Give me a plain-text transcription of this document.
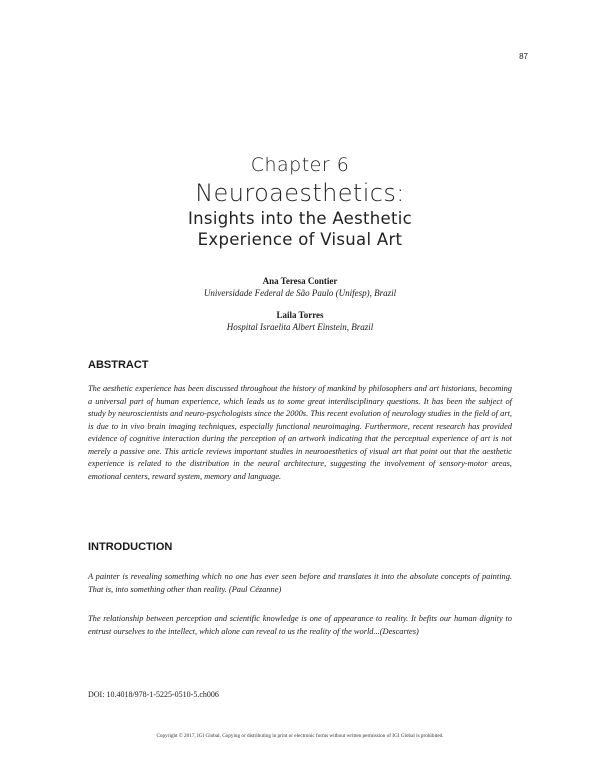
87
Chapter 6
Neuroaesthetics:
Insights into the Aesthetic
Experience of Visual Art
Ana Teresa Contier
Universidade Federal de São Paulo (Unifesp), Brazil
Laila Torres
Hospital Israelita Albert Einstein, Brazil
ABSTRACT

The aesthetic experience has been discussed throughout the history of mankind by philosophers and art historians, becoming a universal part of human experience, which leads us to some great interdisciplinary questions. It has been the subject of study by neuroscientists and neuro-psychologists since the 2000s. This recent evolution of neurology studies in the field of art, is due to in vivo brain imaging techniques, especially functional neuroimaging. Furthermore, recent research has provided evidence of cognitive interaction during the perception of an artwork indicating that the perceptual experience of art is not merely a passive one. This article reviews important studies in neuroaesthetics of visual art that point out that the aesthetic experience is related to the distribution in the neural architecture, suggesting the involvement of sensory-motor areas, emotional centers, reward system, memory and language.

INTRODUCTION

A painter is revealing something which no one has ever seen before and translates it into the absolute concepts of painting. That is, into something other than reality. (Paul Cézanne)

The relationship between perception and scientific knowledge is one of appearance to reality. It befits our human dignity to entrust ourselves to the intellect, which alone can reveal to us the reality of the world...(Descartes)

DOI: 10.4018/978-1-5225-0510-5.ch006
Copyright © 2017, IGI Global. Copying or distributing in print or electronic forms without written permission of IGI Global is prohibited.
